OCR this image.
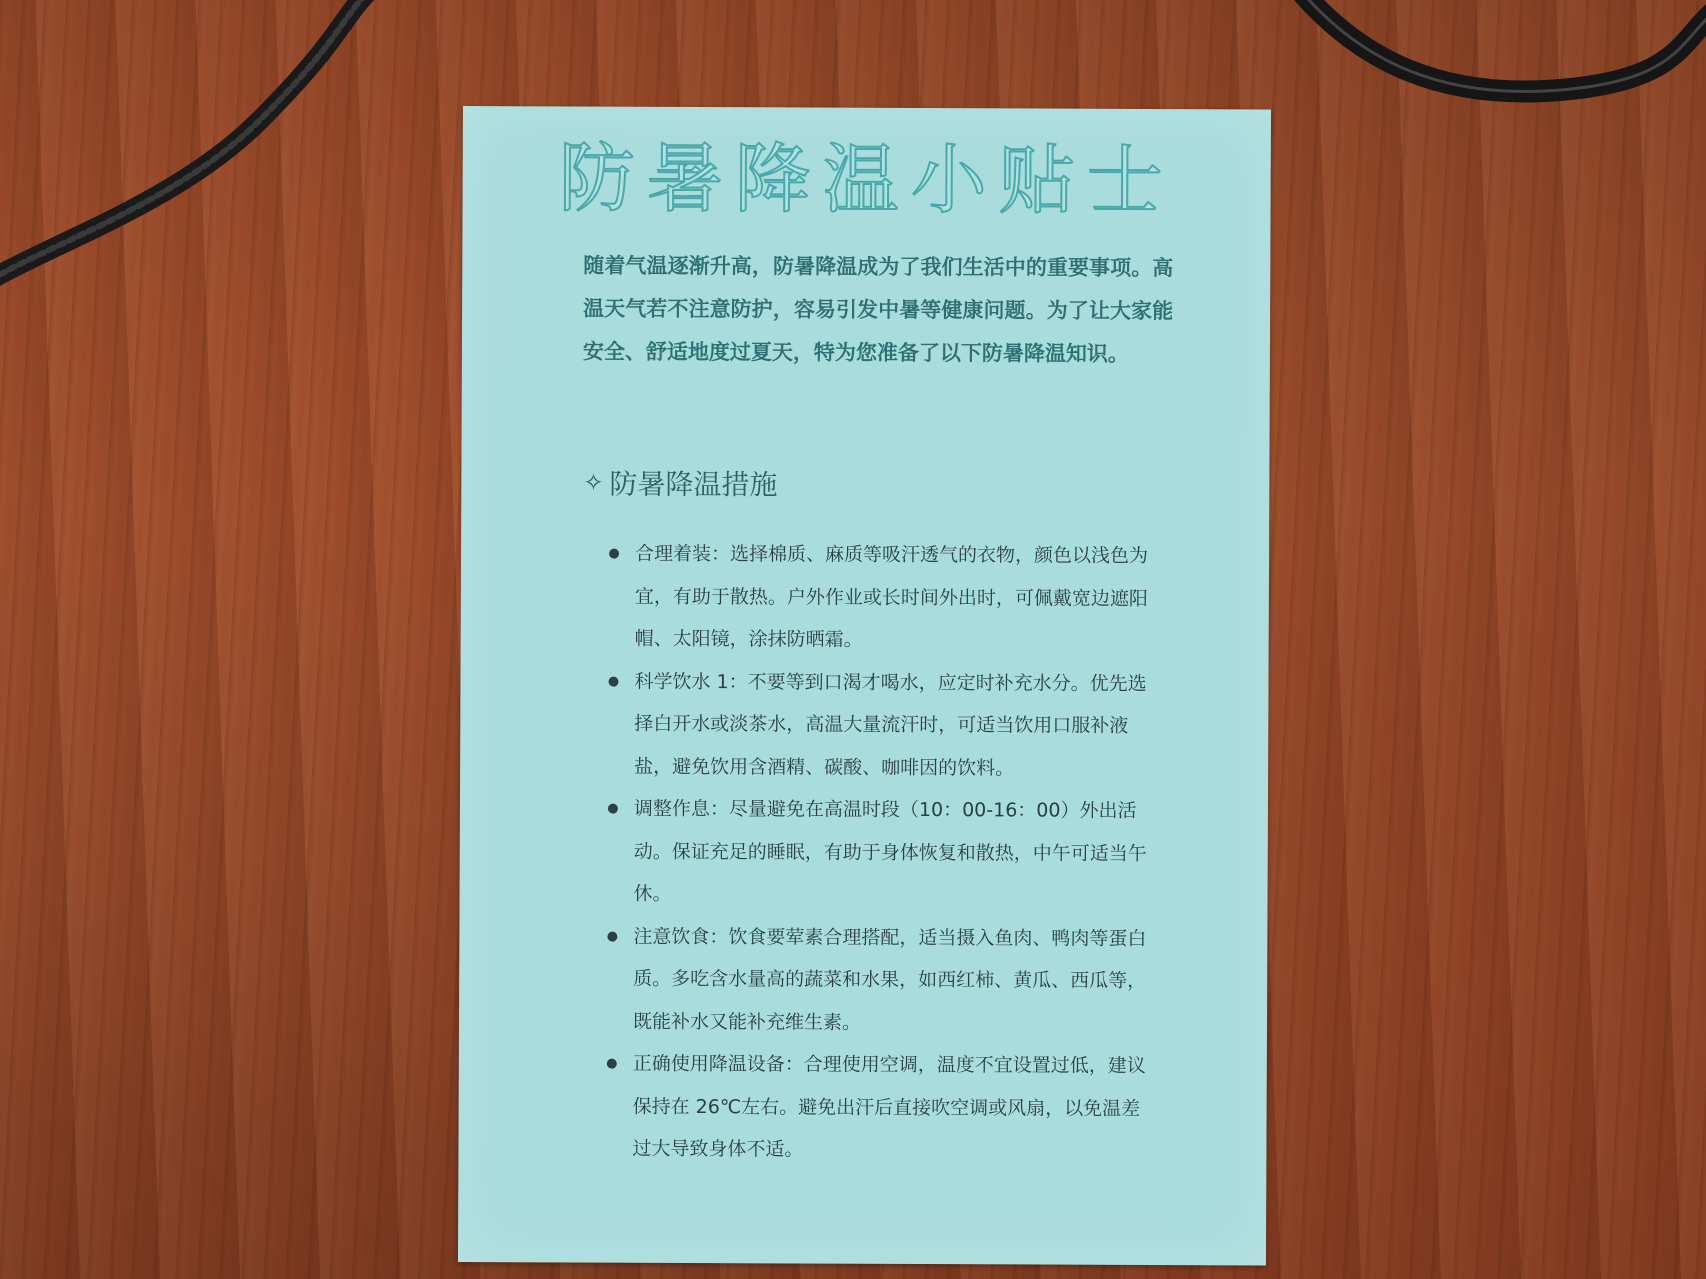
防暑降温小贴士
随着气温逐渐升高，防暑降温成为了我们生活中的重要事项。高温天气若不注意防护，容易引发中暑等健康问题。为了让大家能安全、舒适地度过夏天，特为您准备了以下防暑降温知识。
✧ 防暑降温措施
合理着装：选择棉质、麻质等吸汗透气的衣物，颜色以浅色为宜，有助于散热。户外作业或长时间外出时，可佩戴宽边遮阳帽、太阳镜，涂抹防晒霜。
科学饮水 1：不要等到口渴才喝水，应定时补充水分。优先选择白开水或淡茶水，高温大量流汗时，可适当饮用口服补液盐，避免饮用含酒精、碳酸、咖啡因的饮料。
调整作息：尽量避免在高温时段（10：00-16：00）外出活动。保证充足的睡眠，有助于身体恢复和散热，中午可适当午休。
注意饮食：饮食要荤素合理搭配，适当摄入鱼肉、鸭肉等蛋白质。多吃含水量高的蔬菜和水果，如西红柿、黄瓜、西瓜等，既能补水又能补充维生素。
正确使用降温设备：合理使用空调，温度不宜设置过低，建议保持在 26℃左右。避免出汗后直接吹空调或风扇，以免温差过大导致身体不适。
